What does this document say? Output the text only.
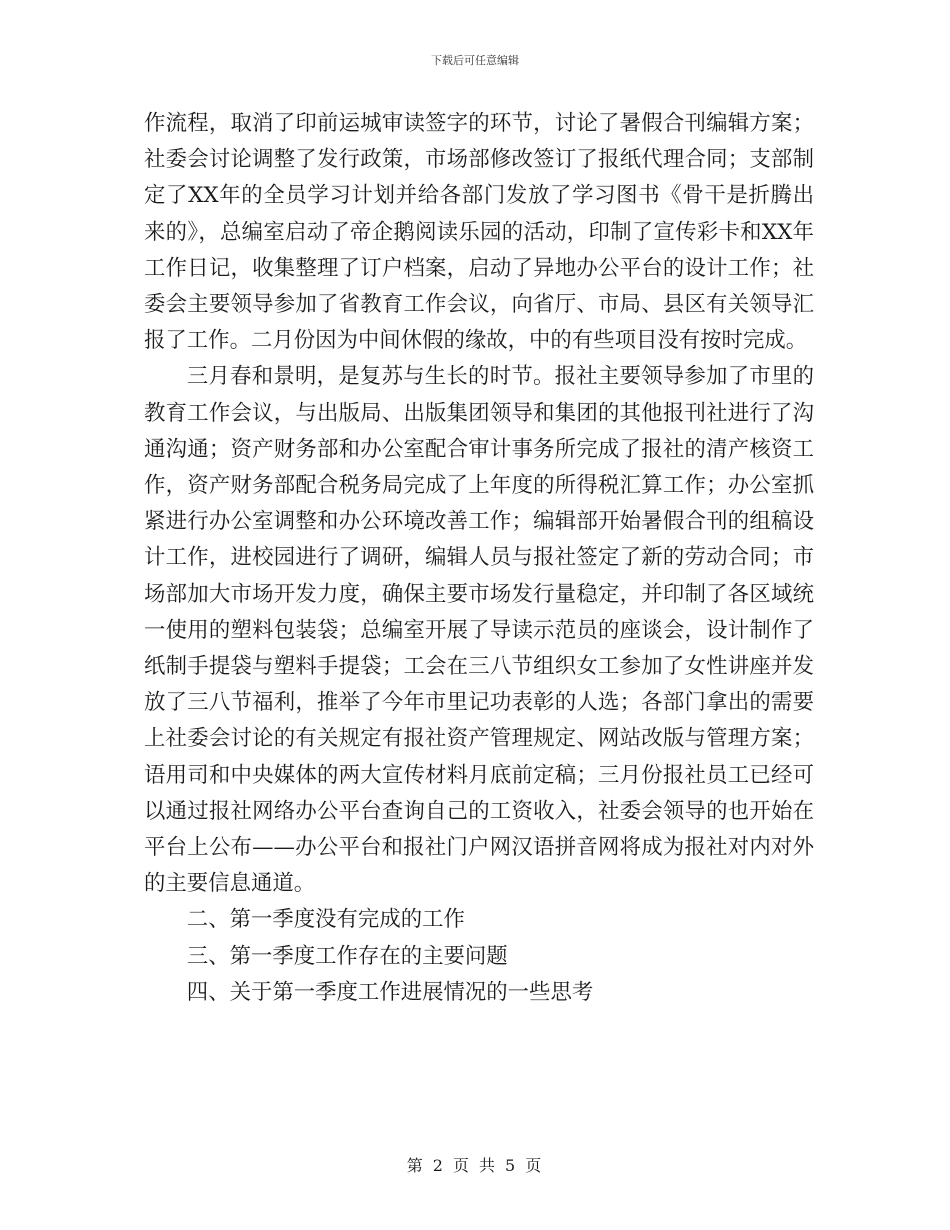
下载后可任意编辑

作流程，取消了印前运城审读签字的环节，讨论了暑假合刊编辑方案；社委会讨论调整了发行政策，市场部修改签订了报纸代理合同；支部制定了XX年的全员学习计划并给各部门发放了学习图书《骨干是折腾出来的》，总编室启动了帝企鹅阅读乐园的活动，印制了宣传彩卡和XX年工作日记，收集整理了订户档案，启动了异地办公平台的设计工作；社委会主要领导参加了省教育工作会议，向省厅、市局、县区有关领导汇报了工作。二月份因为中间休假的缘故，中的有些项目没有按时完成。

三月春和景明，是复苏与生长的时节。报社主要领导参加了市里的教育工作会议，与出版局、出版集团领导和集团的其他报刊社进行了沟通沟通；资产财务部和办公室配合审计事务所完成了报社的清产核资工作，资产财务部配合税务局完成了上年度的所得税汇算工作；办公室抓紧进行办公室调整和办公环境改善工作；编辑部开始暑假合刊的组稿设计工作，进校园进行了调研，编辑人员与报社签定了新的劳动合同；市场部加大市场开发力度，确保主要市场发行量稳定，并印制了各区域统一使用的塑料包装袋；总编室开展了导读示范员的座谈会，设计制作了纸制手提袋与塑料手提袋；工会在三八节组织女工参加了女性讲座并发放了三八节福利，推举了今年市里记功表彰的人选；各部门拿出的需要上社委会讨论的有关规定有报社资产管理规定、网站改版与管理方案；语用司和中央媒体的两大宣传材料月底前定稿；三月份报社员工已经可以通过报社网络办公平台查询自己的工资收入，社委会领导的也开始在平台上公布——办公平台和报社门户网汉语拼音网将成为报社对内对外的主要信息通道。

二、第一季度没有完成的工作

三、第一季度工作存在的主要问题

四、关于第一季度工作进展情况的一些思考

第 2 页 共 5 页
